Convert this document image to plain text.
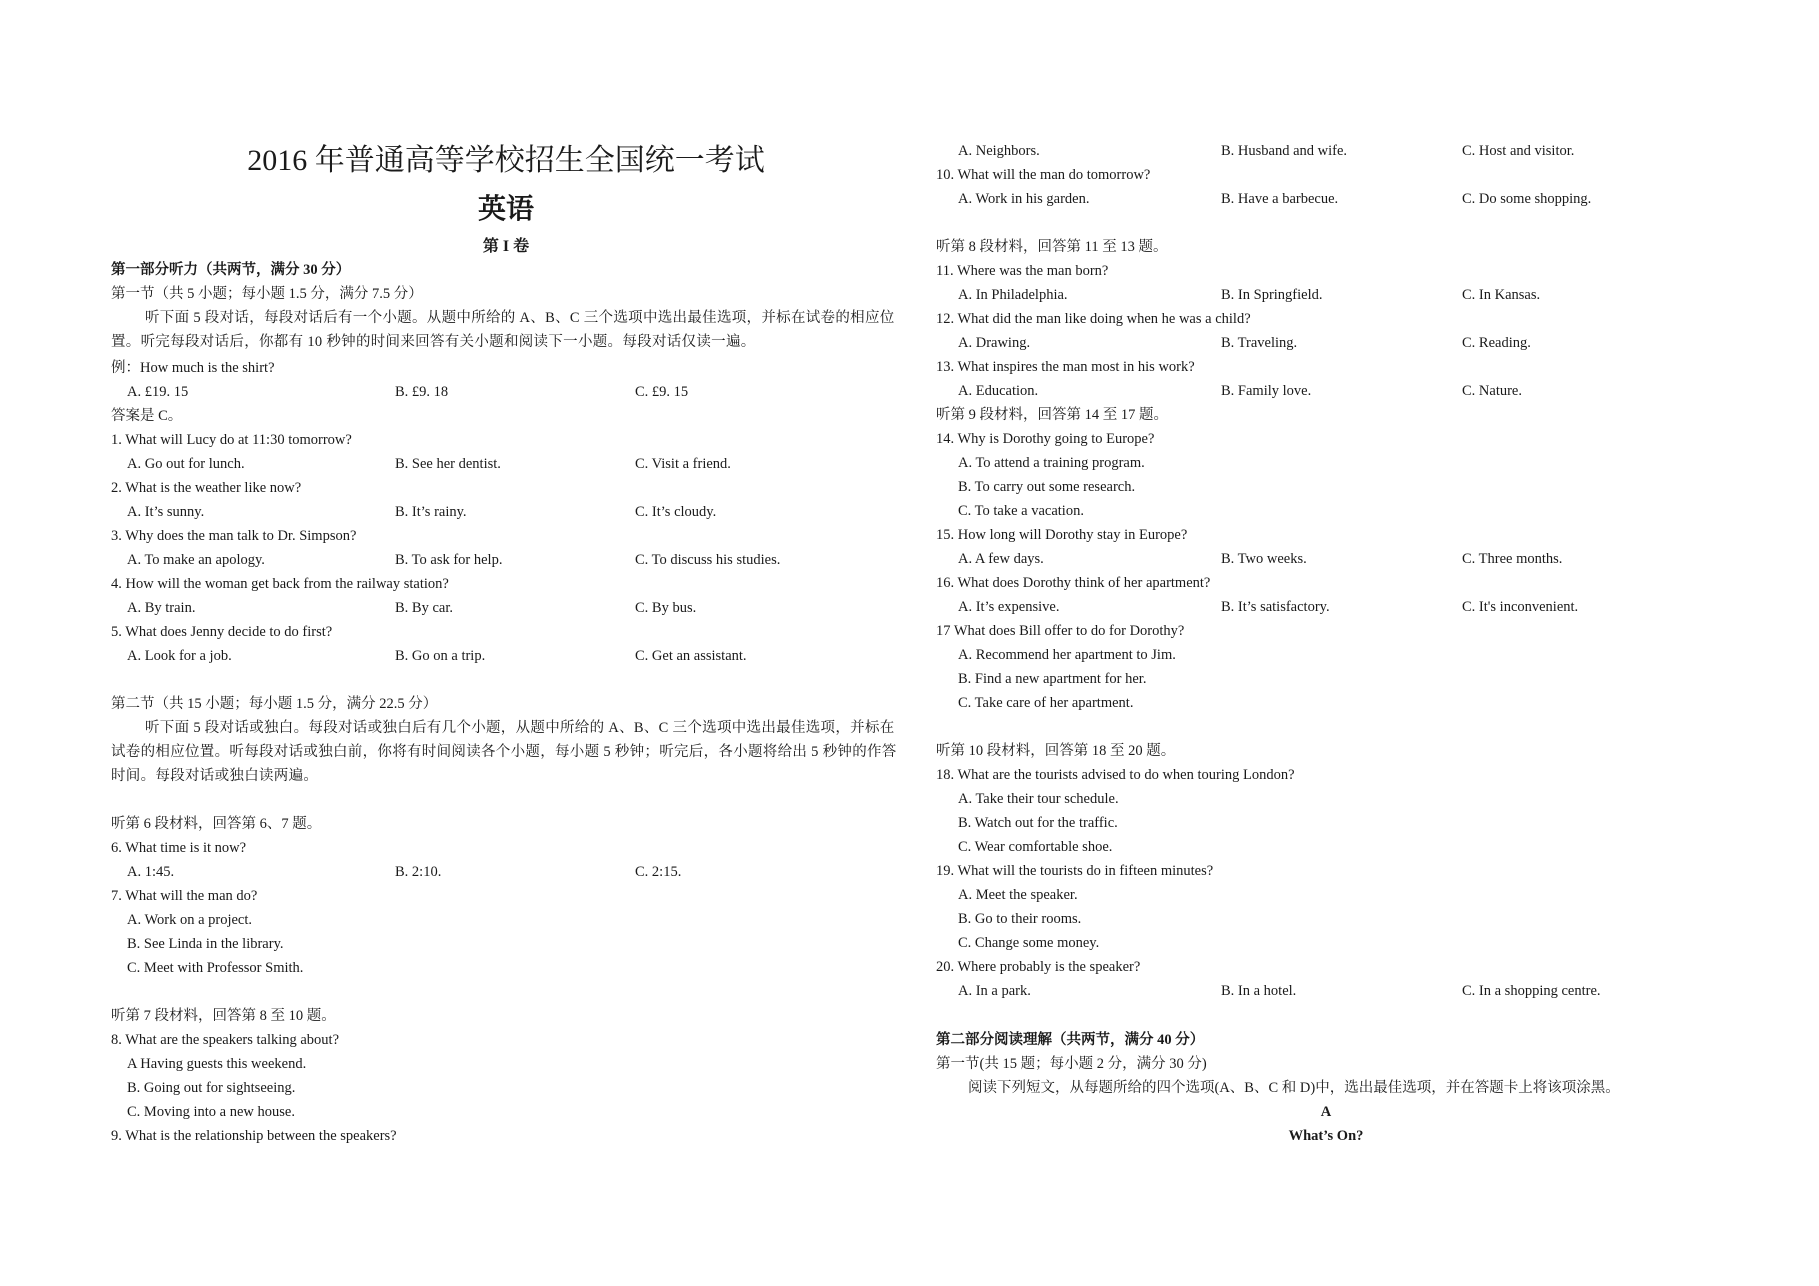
2016 年普通高等学校招生全国统一考试
英语
第 I 卷
第一部分听力（共两节，满分 30 分）
第一节（共 5 小题；每小题 1.5 分，满分 7.5 分）
听下面 5 段对话，每段对话后有一个小题。从题中所给的 A、B、C 三个选项中选出最佳选项，并标在试卷的相应位置。听完每段对话后，你都有 10 秒钟的时间来回答有关小题和阅读下一小题。每段对话仅读一遍。
例：How much is the shirt?
A. £19. 15	B. £9. 18	C. £9. 15
答案是 C。
1. What will Lucy do at 11:30 tomorrow?
A. Go out for lunch.	B. See her dentist.	C. Visit a friend.
2. What is the weather like now?
A. It’s sunny.	B. It’s rainy.	C. It’s cloudy.
3. Why does the man talk to Dr. Simpson?
A. To make an apology.	B. To ask for help.	C. To discuss his studies.
4. How will the woman get back from the railway station?
A. By train.	B. By car.	C. By bus.
5. What does Jenny decide to do first?
A. Look for a job.	B. Go on a trip.	C. Get an assistant.
第二节（共 15 小题；每小题 1.5 分，满分 22.5 分）
听下面 5 段对话或独白。每段对话或独白后有几个小题，从题中所给的 A、B、C 三个选项中选出最佳选项，并标在试卷的相应位置。听每段对话或独白前，你将有时间阅读各个小题，每小题 5 秒钟；听完后，各小题将给出 5 秒钟的作答时间。每段对话或独白读两遍。
听第 6 段材料，回答第 6、7 题。
6. What time is it now?
A. 1:45.	B. 2:10.	C. 2:15.
7. What will the man do?
A. Work on a project.
B. See Linda in the library.
C. Meet with Professor Smith.
听第 7 段材料，回答第 8 至 10 题。
8. What are the speakers talking about?
A Having guests this weekend.
B. Going out for sightseeing.
C. Moving into a new house.
9. What is the relationship between the speakers?
A. Neighbors.	B. Husband and wife.	C. Host and visitor.
10. What will the man do tomorrow?
A. Work in his garden.	B. Have a barbecue.	C. Do some shopping.
听第 8 段材料，回答第 11 至 13 题。
11. Where was the man born?
A. In Philadelphia.	B. In Springfield.	C. In Kansas.
12. What did the man like doing when he was a child?
A. Drawing.	B. Traveling.	C. Reading.
13. What inspires the man most in his work?
A. Education.	B. Family love.	C. Nature.
听第 9 段材料，回答第 14 至 17 题。
14. Why is Dorothy going to Europe?
A. To attend a training program.
B. To carry out some research.
C. To take a vacation.
15. How long will Dorothy stay in Europe?
A. A few days.	B. Two weeks.	C. Three months.
16. What does Dorothy think of her apartment?
A. It’s expensive.	B. It’s satisfactory.	C. It's inconvenient.
17 What does Bill offer to do for Dorothy?
A. Recommend her apartment to Jim.
B. Find a new apartment for her.
C. Take care of her apartment.
听第 10 段材料，回答第 18 至 20 题。
18. What are the tourists advised to do when touring London?
A. Take their tour schedule.
B. Watch out for the traffic.
C. Wear comfortable shoe.
19. What will the tourists do in fifteen minutes?
A. Meet the speaker.
B. Go to their rooms.
C. Change some money.
20. Where probably is the speaker?
A. In a park.	B. In a hotel.	C. In a shopping centre.
第二部分阅读理解（共两节，满分 40 分）
第一节(共 15 题；每小题 2 分，满分 30 分)
阅读下列短文，从每题所给的四个选项(A、B、C 和 D)中，选出最佳选项，并在答题卡上将该项涂黑。
A
What’s On?
